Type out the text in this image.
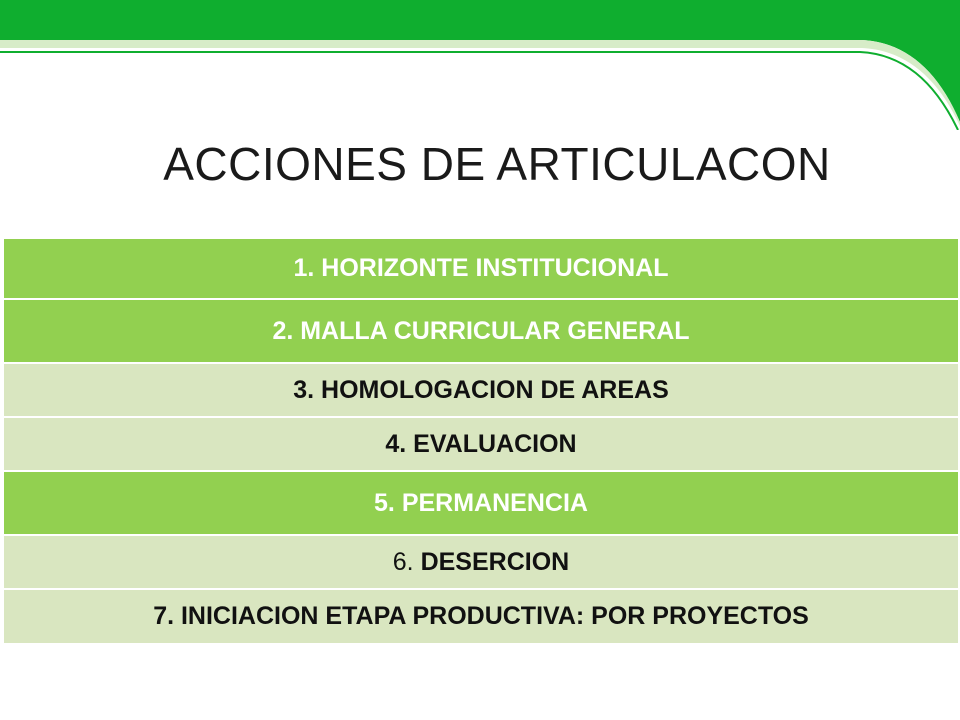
ACCIONES DE ARTICULACON
1. HORIZONTE INSTITUCIONAL
2. MALLA CURRICULAR GENERAL
3. HOMOLOGACION DE AREAS
4. EVALUACION
5. PERMANENCIA
6.
DESERCION
7. INICIACION ETAPA PRODUCTIVA: POR PROYECTOS
